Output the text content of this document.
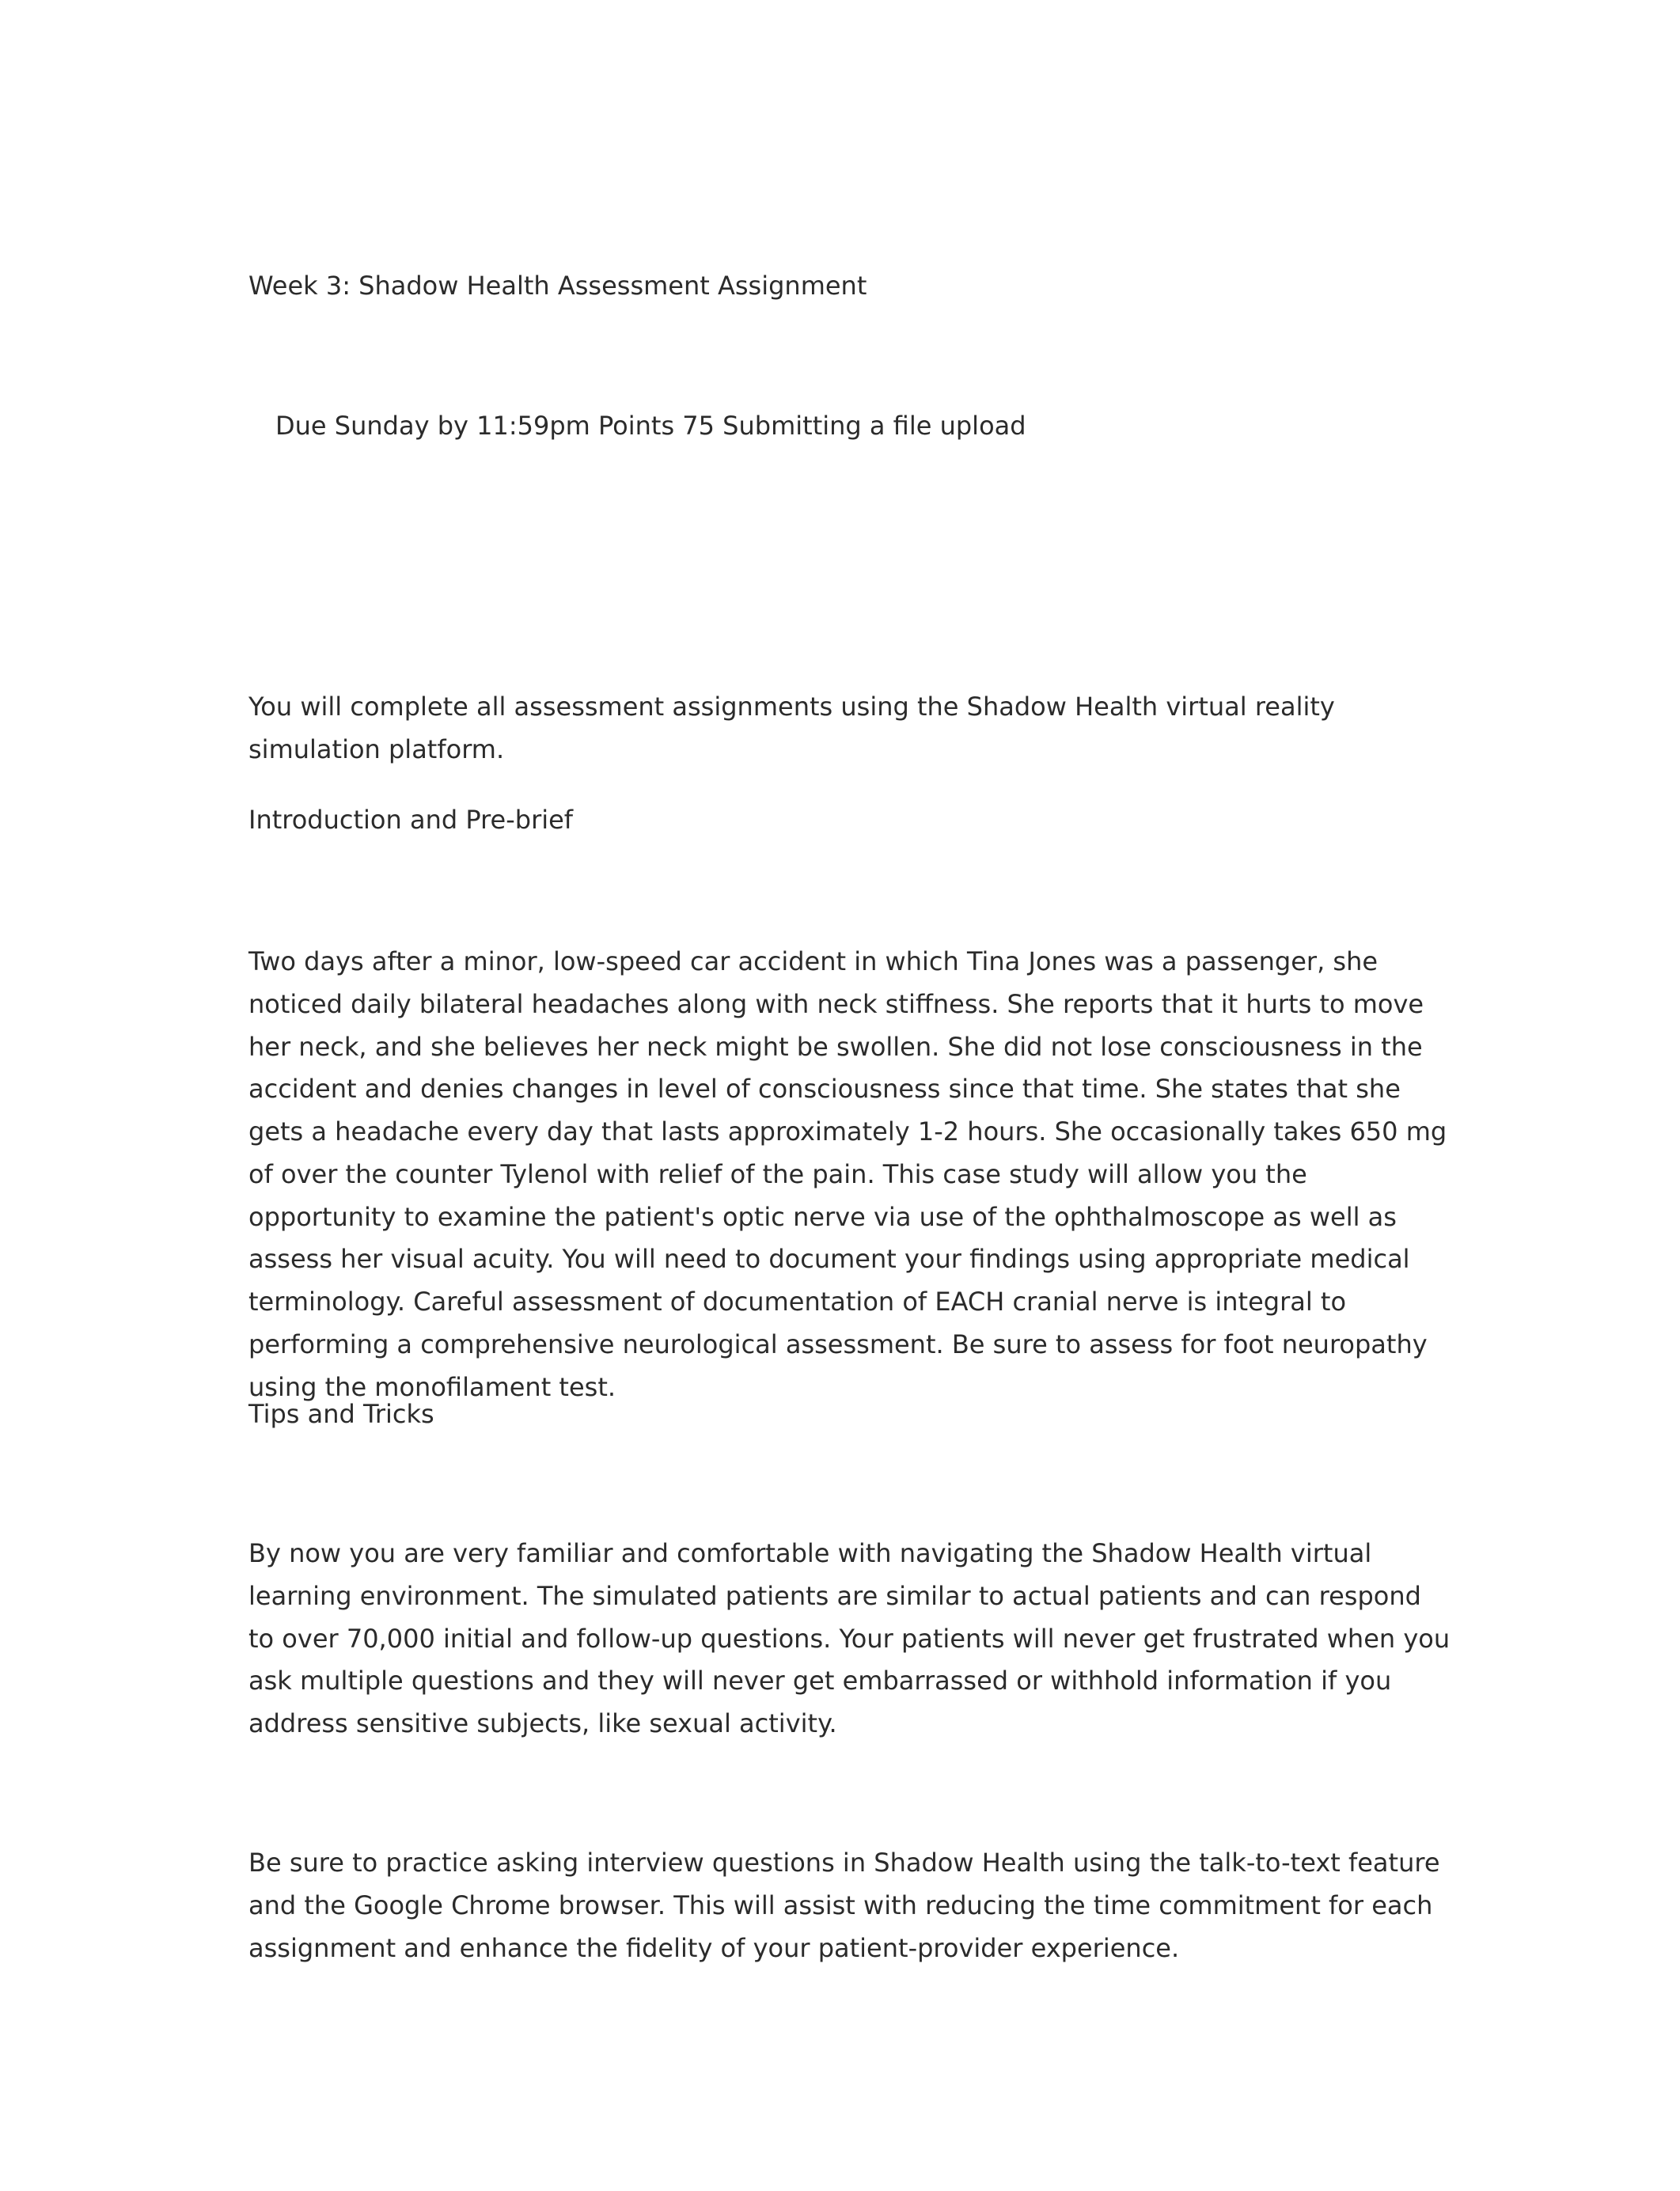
Week 3: Shadow Health Assessment Assignment

Due Sunday by 11:59pm Points 75 Submitting a file upload

You will complete all assessment assignments using the Shadow Health virtual reality simulation platform.

Introduction and Pre-brief

Two days after a minor, low-speed car accident in which Tina Jones was a passenger, she noticed daily bilateral headaches along with neck stiffness. She reports that it hurts to move her neck, and she believes her neck might be swollen. She did not lose consciousness in the accident and denies changes in level of consciousness since that time. She states that she gets a headache every day that lasts approximately 1-2 hours. She occasionally takes 650 mg of over the counter Tylenol with relief of the pain. This case study will allow you the opportunity to examine the patient's optic nerve via use of the ophthalmoscope as well as assess her visual acuity. You will need to document your findings using appropriate medical terminology. Careful assessment of documentation of EACH cranial nerve is integral to performing a comprehensive neurological assessment. Be sure to assess for foot neuropathy using the monofilament test.

Tips and Tricks

By now you are very familiar and comfortable with navigating the Shadow Health virtual learning environment. The simulated patients are similar to actual patients and can respond to over 70,000 initial and follow-up questions. Your patients will never get frustrated when you ask multiple questions and they will never get embarrassed or withhold information if you address sensitive subjects, like sexual activity.

Be sure to practice asking interview questions in Shadow Health using the talk-to-text feature and the Google Chrome browser. This will assist with reducing the time commitment for each assignment and enhance the fidelity of your patient-provider experience.
